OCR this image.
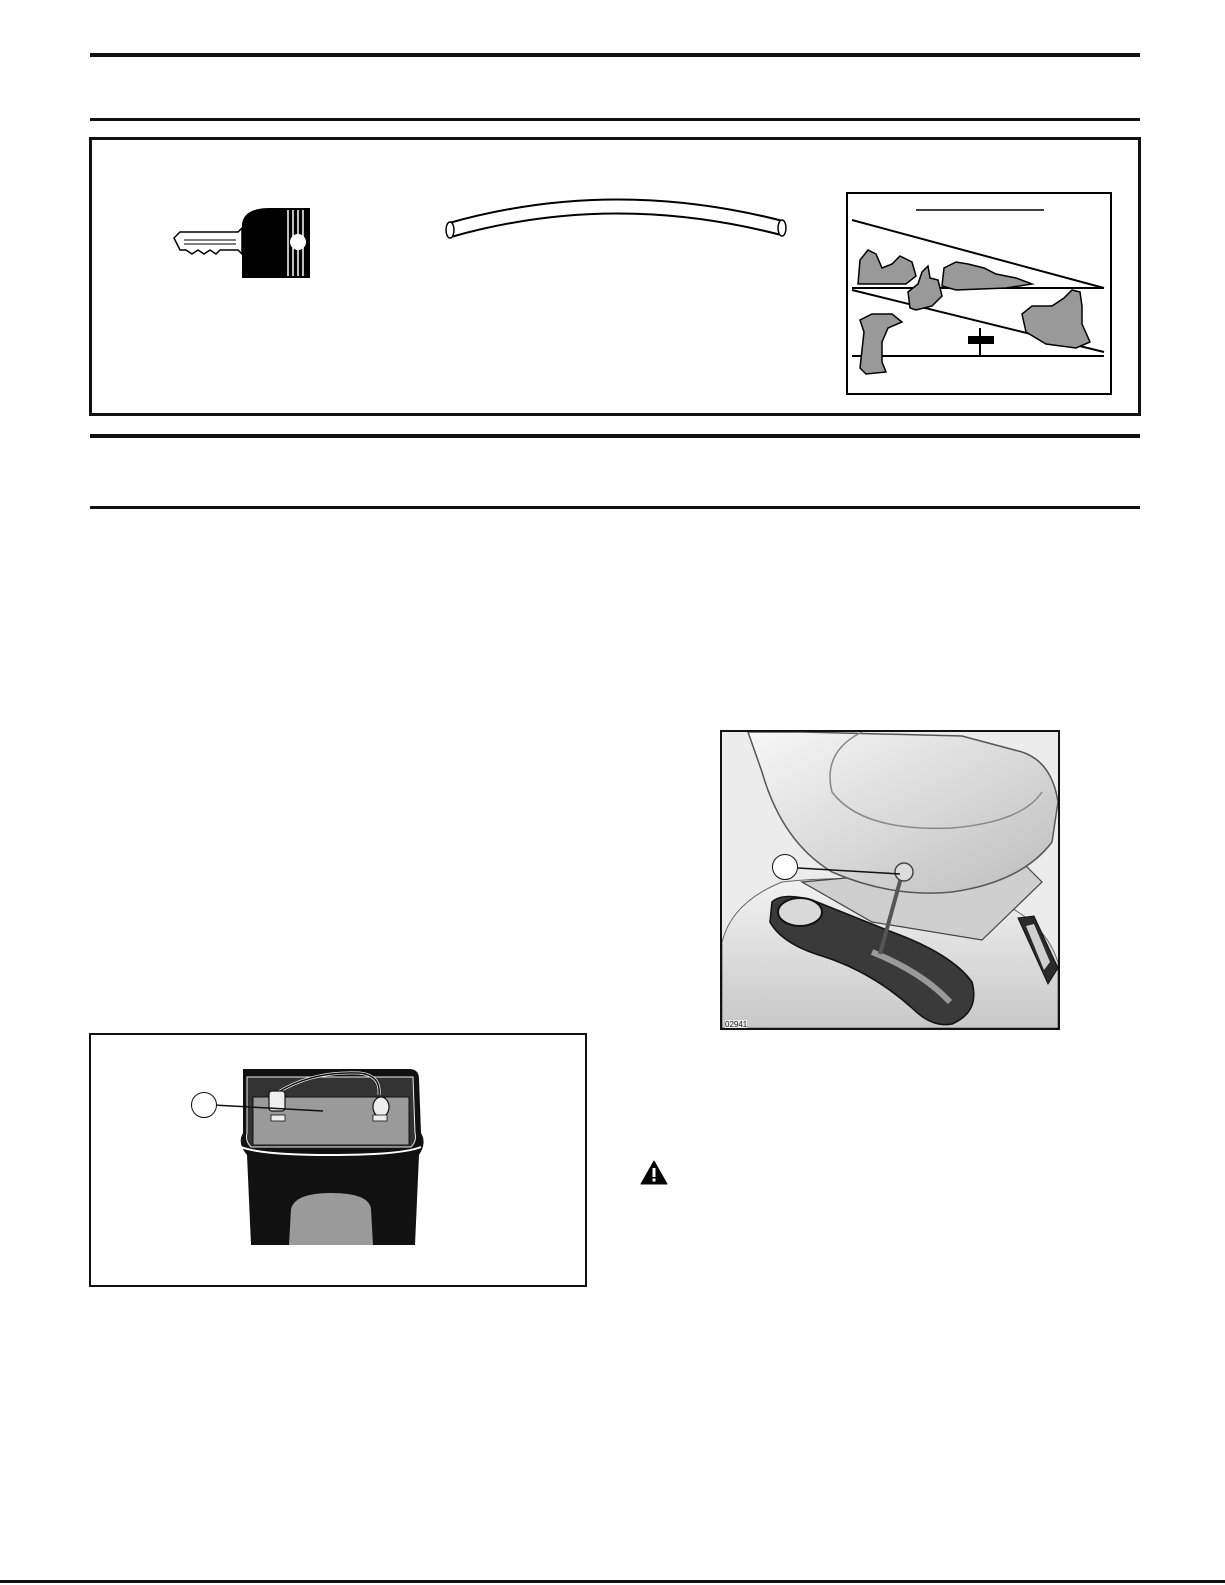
02941
